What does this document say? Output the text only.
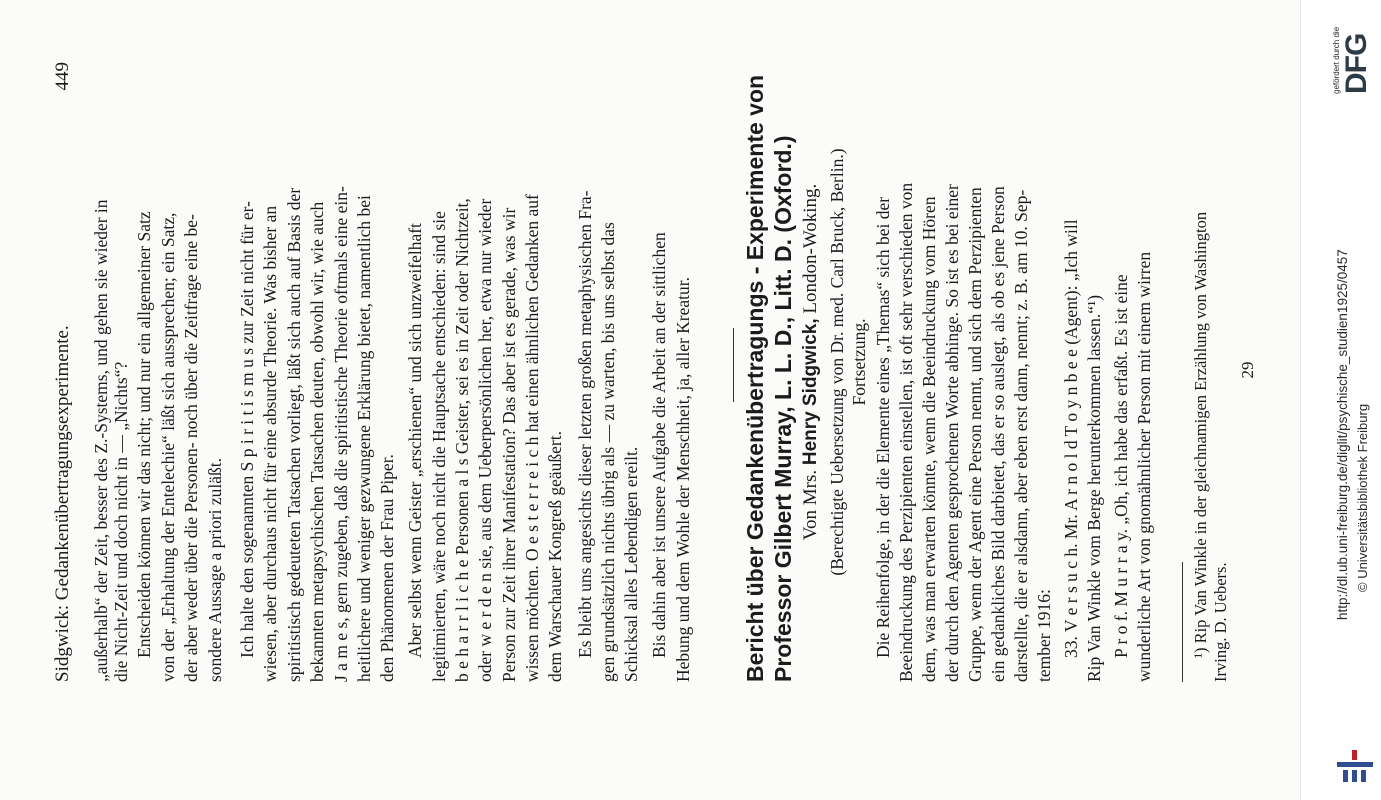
Sidgwick: Gedankenübertragungsexperimente.
449

„außerhalb“ der Zeit, besser des Z.-Systems, und gehen sie wieder in die Nicht-Zeit und doch nicht in — „Nichts“? Entscheiden können wir das nicht; und nur ein allgemeiner Satz von der „Erhaltung der Entelechie“ läßt sich aussprechen; ein Satz, der aber weder über die Personen- noch über die Zeitfrage eine be- sondere Aussage a priori zuläßt. Ich halte den sogenannten S p i r i t i s m u s zur Zeit nicht für er- wiesen, aber durchaus nicht für eine absurde Theorie. Was bisher an spiritistisch gedeuteten Tatsachen vorliegt, läßt sich auch auf Basis der bekannten metapsychischen Tatsachen deuten, obwohl wir, wie auch J a m e s, gern zugeben, daß die spiritistische Theorie oftmals eine ein- heitlichere und weniger gezwungene Erklärung bietet, namentlich bei den Phänomenen der Frau Piper. Aber selbst wenn Geister „erschienen“ und sich unzweifelhaft legitimierten, wäre noch nicht die Hauptsache entschieden: sind sie b e h a r r l i c h e Personen a l s Geister, sei es in Zeit oder Nichtzeit, oder w e r d e n sie, aus dem Ueberpersönlichen her, etwa nur wieder Person zur Zeit ihrer Manifestation? Das aber ist es gerade, was wir wissen möchten. O e s t e r r e i c h hat einen ähnlichen Gedanken auf dem Warschauer Kongreß geäußert. Es bleibt uns angesichts dieser letzten großen metaphysischen Fra- gen grundsätzlich nichts übrig als — zu warten, bis uns selbst das Schicksal alles Lebendigen ereilt. Bis dahin aber ist unsere Aufgabe die Arbeit an der sittlichen Hebung und dem Wohle der Menschheit, ja, aller Kreatur. Bericht über Gedankenübertragungs - Experimente von Professor Gilbert Murray, L. L. D., Litt. D. (Oxford.) Von Mrs. Henry Sidgwick, London-Woking. (Berechtigte Uebersetzung von Dr. med. Carl Bruck, Berlin.) Fortsetzung. Die Reihenfolge, in der die Elemente eines „Themas“ sich bei der Beeindruckung des Perzipienten einstellen, ist oft sehr verschieden von dem, was man erwarten könnte, wenn die Beeindruckung vom Hören der durch den Agenten gesprochenen Worte abhinge. So ist es bei einer Gruppe, wenn der Agent eine Person nennt, und sich dem Perzipienten ein gedankliches Bild darbietet, das er so auslegt, als ob es jene Person darstellte, die er alsdann, aber eben erst dann, nennt; z. B. am 10. Sep- tember 1916: 33. V e r s u c h. Mr. A r n o l d T o y n b e e (Agent): „Ich will Rip Van Winkle vom Berge herunterkommen lassen.“¹) P r o f. M u r r a y. „Oh, ich habe das erfaßt. Es ist eine wunderliche Art von gnomähnlicher Person mit einem wirren ¹) Rip Van Winkle in der gleichnamigen Erzählung von Washington Irving. D. Uebers.

29	http://dl.ub.uni-freiburg.de/diglit/psychische_studien1925/0457 © Universitätsbibliothek Freiburg
gefördert durch die DFG
